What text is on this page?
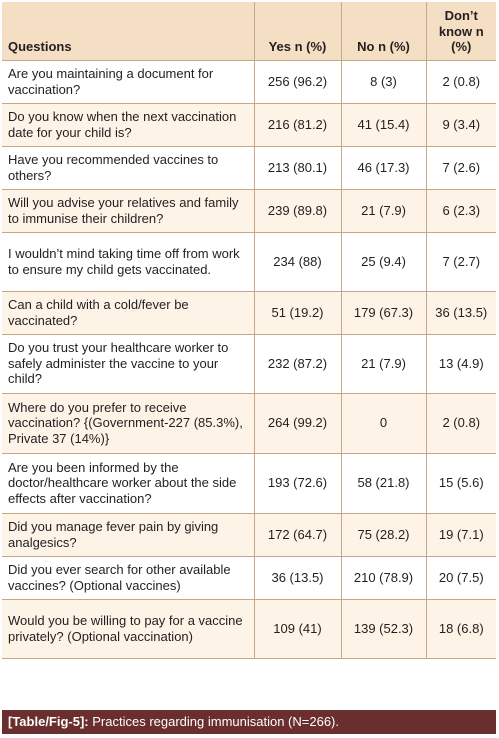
Questions	Yes n (%)	No n (%)	Don’t know n (%)
Are you maintaining a document for vaccination?	256 (96.2)	8 (3)	2 (0.8)
Do you know when the next vaccination date for your child is?	216 (81.2)	41 (15.4)	9 (3.4)
Have you recommended vaccines to others?	213 (80.1)	46 (17.3)	7 (2.6)
Will you advise your relatives and family to immunise their children?	239 (89.8)	21 (7.9)	6 (2.3)
I wouldn’t mind taking time off from work to ensure my child gets vaccinated.	234 (88)	25 (9.4)	7 (2.7)
Can a child with a cold/fever be vaccinated?	51 (19.2)	179 (67.3)	36 (13.5)
Do you trust your healthcare worker to safely administer the vaccine to your child?	232 (87.2)	21 (7.9)	13 (4.9)
Where do you prefer to receive vaccination? {(Government-227 (85.3%), Private 37 (14%)}	264 (99.2)	0	2 (0.8)
Are you been informed by the doctor/healthcare worker about the side effects after vaccination?	193 (72.6)	58 (21.8)	15 (5.6)
Did you manage fever pain by giving analgesics?	172 (64.7)	75 (28.2)	19 (7.1)
Did you ever search for other available vaccines? (Optional vaccines)	36 (13.5)	210 (78.9)	20 (7.5)
Would you be willing to pay for a vaccine privately? (Optional vaccination)	109 (41)	139 (52.3)	18 (6.8)
[Table/Fig-5]: Practices regarding immunisation (N=266).
